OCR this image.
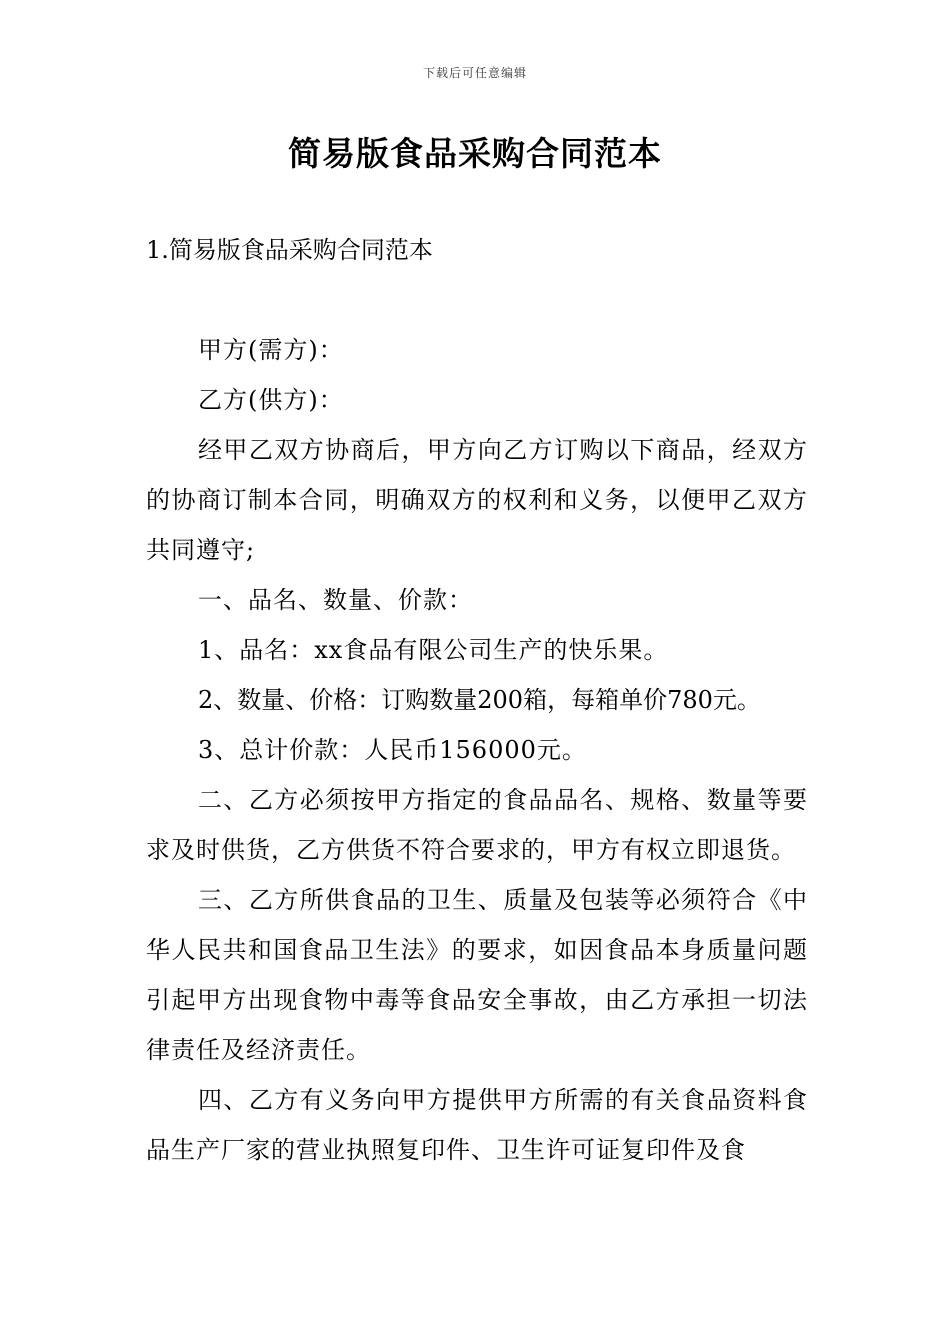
下载后可任意编辑
简易版食品采购合同范本
1.简易版食品采购合同范本

甲方(需方)：

乙方(供方)：

经甲乙双方协商后，甲方向乙方订购以下商品，经双方的协商订制本合同，明确双方的权利和义务，以便甲乙双方共同遵守;

一、品名、数量、价款：

1、品名：xx食品有限公司生产的快乐果。

2、数量、价格：订购数量200箱，每箱单价780元。

3、总计价款：人民币156000元。

二、乙方必须按甲方指定的食品品名、规格、数量等要求及时供货，乙方供货不符合要求的，甲方有权立即退货。

三、乙方所供食品的卫生、质量及包装等必须符合《中华人民共和国食品卫生法》的要求，如因食品本身质量问题引起甲方出现食物中毒等食品安全事故，由乙方承担一切法律责任及经济责任。

四、乙方有义务向甲方提供甲方所需的有关食品资料食品生产厂家的营业执照复印件、卫生许可证复印件及食
